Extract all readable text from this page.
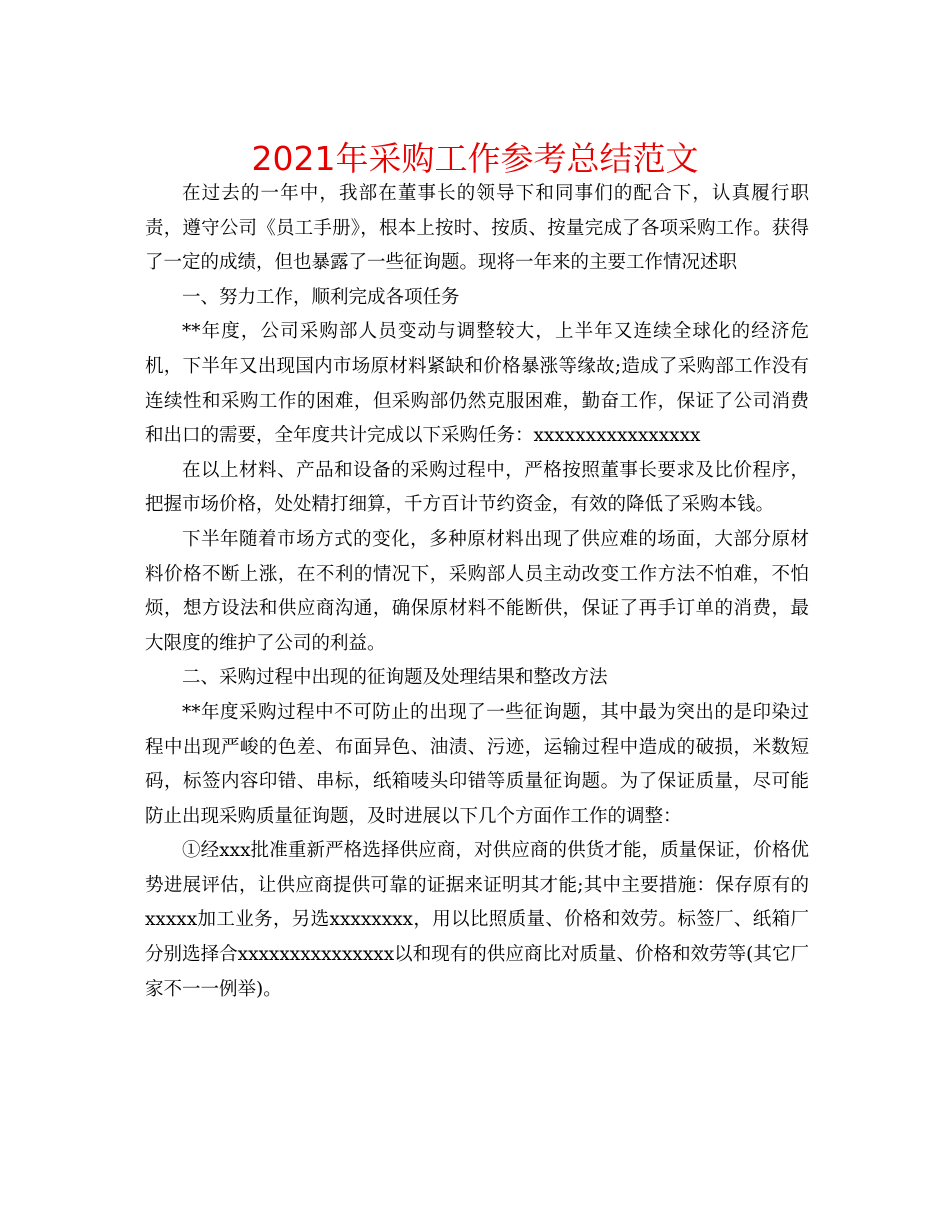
2021年采购工作参考总结范文

在过去的一年中，我部在董事长的领导下和同事们的配合下，认真履行职责，遵守公司《员工手册》，根本上按时、按质、按量完成了各项采购工作。获得了一定的成绩，但也暴露了一些征询题。现将一年来的主要工作情况述职

一、努力工作，顺利完成各项任务

**年度，公司采购部人员变动与调整较大，上半年又连续全球化的经济危机，下半年又出现国内市场原材料紧缺和价格暴涨等缘故;造成了采购部工作没有连续性和采购工作的困难，但采购部仍然克服困难，勤奋工作，保证了公司消费和出口的需要，全年度共计完成以下采购任务：xxxxxxxxxxxxxxxx

在以上材料、产品和设备的采购过程中，严格按照董事长要求及比价程序，把握市场价格，处处精打细算，千方百计节约资金，有效的降低了采购本钱。

下半年随着市场方式的变化，多种原材料出现了供应难的场面，大部分原材料价格不断上涨，在不利的情况下，采购部人员主动改变工作方法不怕难，不怕烦，想方设法和供应商沟通，确保原材料不能断供，保证了再手订单的消费，最大限度的维护了公司的利益。

二、采购过程中出现的征询题及处理结果和整改方法

**年度采购过程中不可防止的出现了一些征询题，其中最为突出的是印染过程中出现严峻的色差、布面异色、油渍、污迹，运输过程中造成的破损，米数短码，标签内容印错、串标，纸箱唛头印错等质量征询题。为了保证质量，尽可能防止出现采购质量征询题，及时进展以下几个方面作工作的调整：

①经xxx批准重新严格选择供应商，对供应商的供货才能，质量保证，价格优势进展评估，让供应商提供可靠的证据来证明其才能;其中主要措施：保存原有的xxxxx加工业务，另选xxxxxxxx，用以比照质量、价格和效劳。标签厂、纸箱厂分别选择合xxxxxxxxxxxxxxx以和现有的供应商比对质量、价格和效劳等(其它厂家不一一例举)。
